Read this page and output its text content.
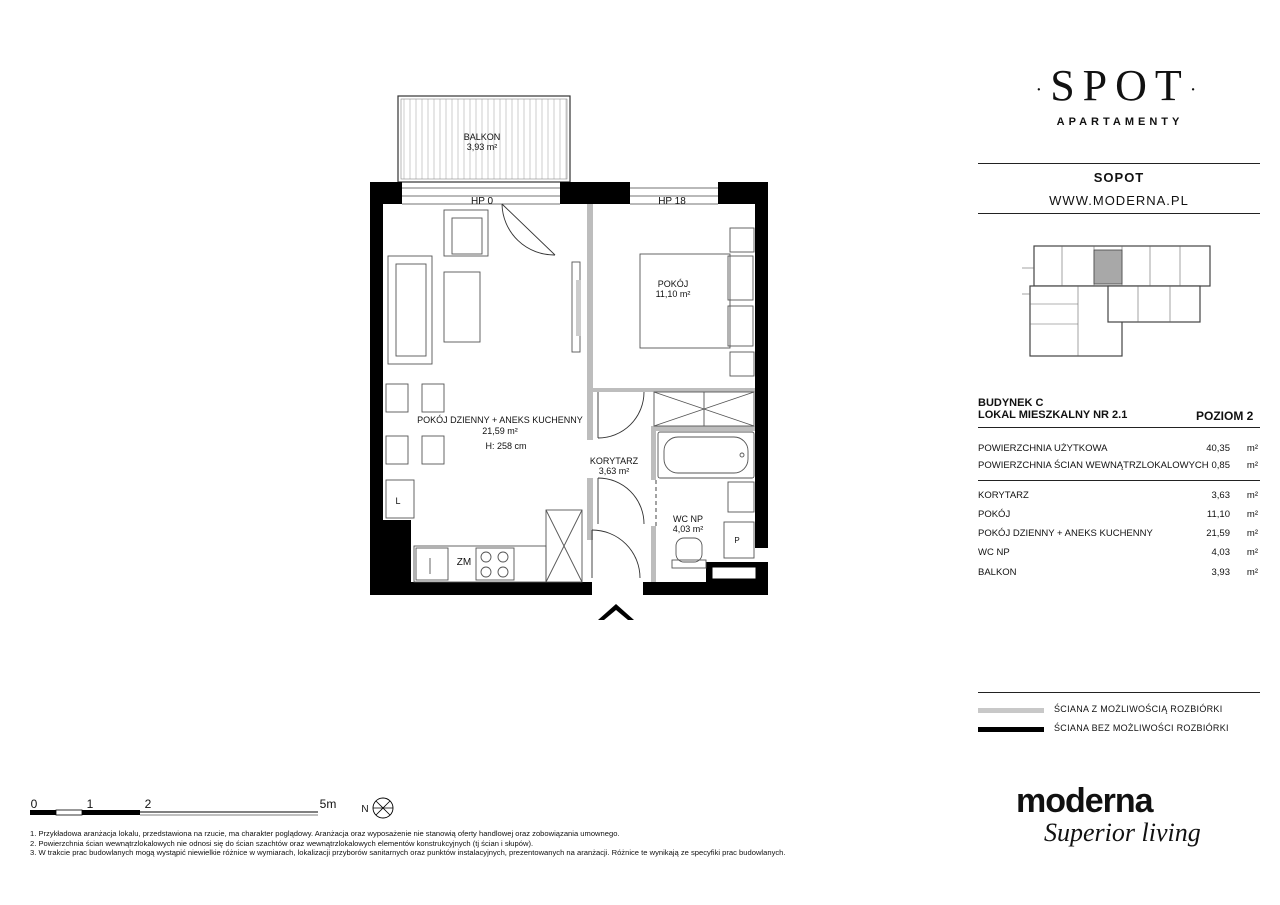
BALKON
3,93 m²
HP 0	HP 18
L
ZM
P
POKÓJ
11,10 m²
POKÓJ DZIENNY + ANEKS KUCHENNY
21,59 m²
H: 258 cm
KORYTARZ
3,63 m²
WC NP
4,03 m²
0	1	2	5m	N
·SPOT·
APARTAMENTY
SOPOT
WWW.MODERNA.PL
BUDYNEK C
LOKAL MIESZKALNY NR 2.1	POZIOM 2
POWIERZCHNIA UŻYTKOWA	40,35 m²
POWIERZCHNIA ŚCIAN WEWNĄTRZLOKALOWYCH 0,85 m²
KORYTARZ	3,63 m²
POKÓJ	11,10 m²
POKÓJ DZIENNY + ANEKS KUCHENNY	21,59 m²
WC NP	4,03 m²
BALKON	3,93 m²
ŚCIANA Z MOŻLIWOŚCIĄ ROZBIÓRKI
ŚCIANA BEZ MOŻLIWOŚCI ROZBIÓRKI
moderna
Superior living
1. Przykładowa aranżacja lokalu, przedstawiona na rzucie, ma charakter poglądowy. Aranżacja oraz wyposażenie nie stanowią oferty handlowej oraz zobowiązania umownego.
2. Powierzchnia ścian wewnątrzlokalowych nie odnosi się do ścian szachtów oraz wewnątrzlokalowych elementów konstrukcyjnych (tj ścian i słupów).
3. W trakcie prac budowlanych mogą wystąpić niewielkie różnice w wymiarach, lokalizacji przyborów sanitarnych oraz punktów instalacyjnych, prezentowanych na aranżacji. Różnice te wynikają ze specyfiki prac budowlanych.
